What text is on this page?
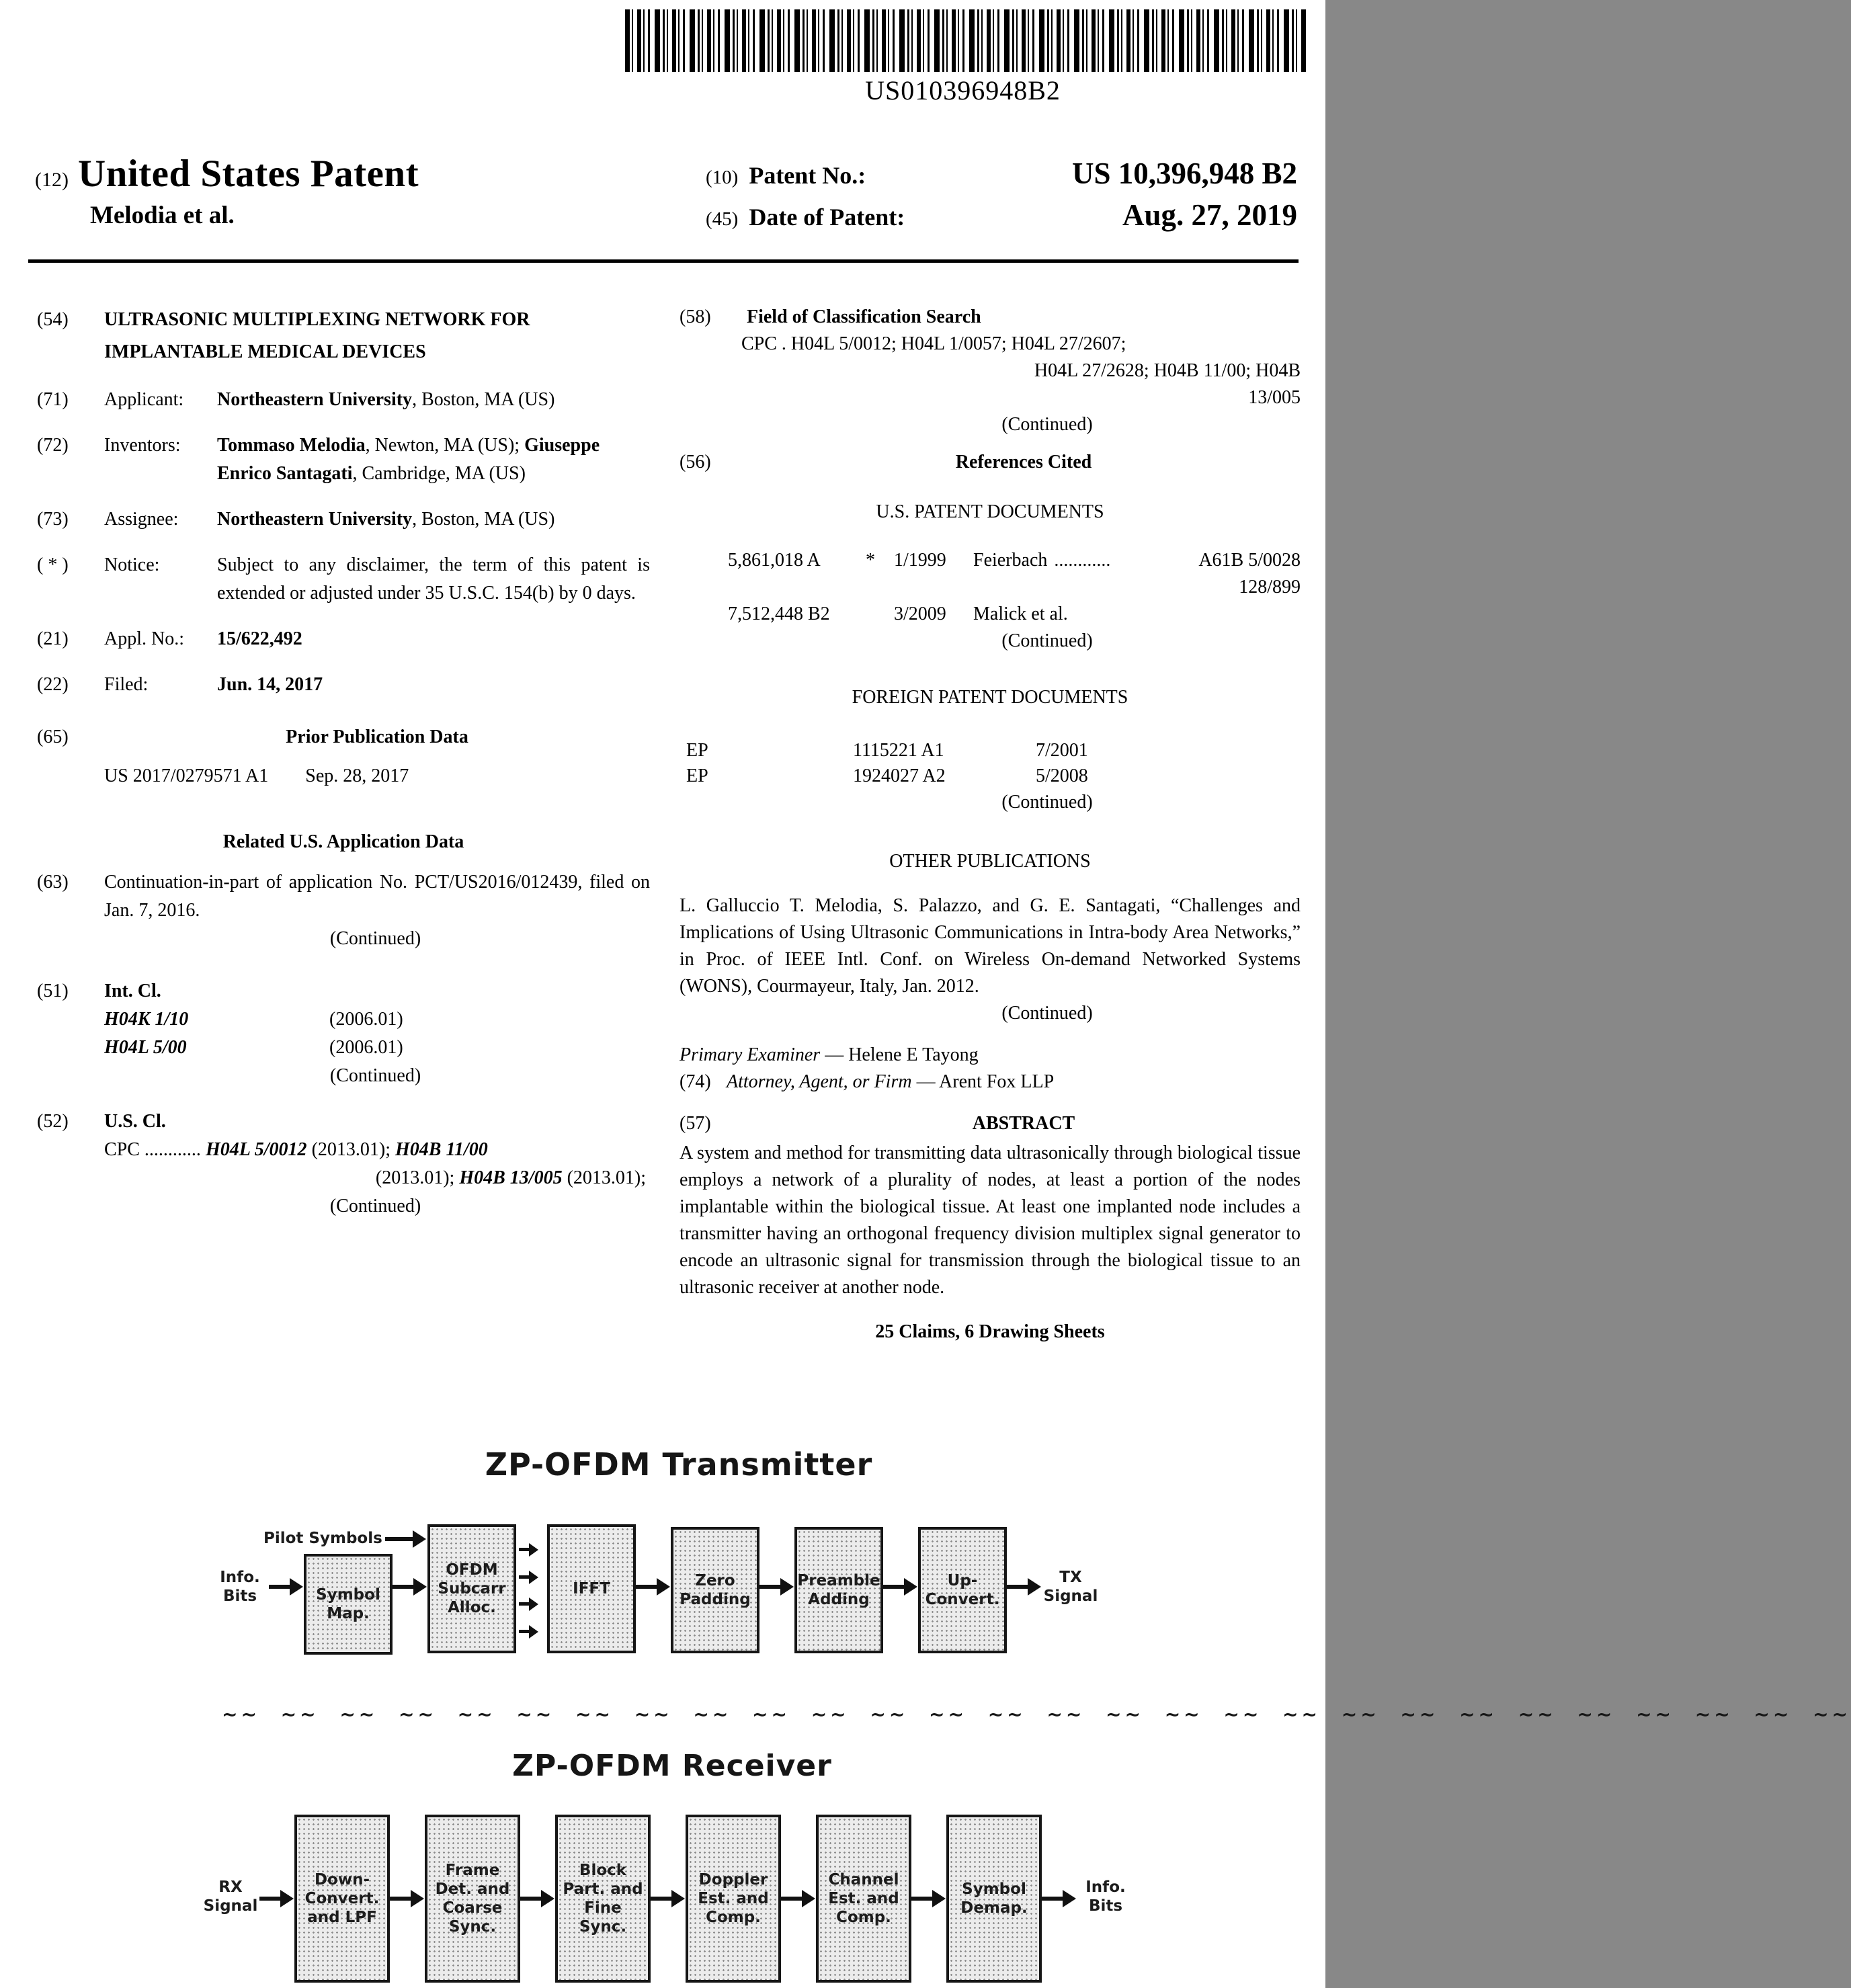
US010396948B2
(12) United States Patent
Melodia et al.
(10) Patent No.:	US 10,396,948 B2
(45) Date of Patent:	Aug. 27, 2019
(54)	ULTRASONIC MULTIPLEXING NETWORK FOR IMPLANTABLE MEDICAL DEVICES
(71)	Applicant:	Northeastern University, Boston, MA (US)
(72)	Inventors:	Tommaso Melodia, Newton, MA (US); Giuseppe Enrico Santagati, Cambridge, MA (US)
(73)	Assignee:	Northeastern University, Boston, MA (US)
( * )	Notice:	Subject to any disclaimer, the term of this patent is extended or adjusted under 35 U.S.C. 154(b) by 0 days.
(21)	Appl. No.:	15/622,492
(22)	Filed:	Jun. 14, 2017
(65)	Prior Publication Data
US 2017/0279571 A1 Sep. 28, 2017
Related U.S. Application Data
(63)	Continuation-in-part of application No. PCT/US2016/012439, filed on Jan. 7, 2016.
(Continued)
(51)	Int. Cl.
H04K 1/10	(2006.01)
H04L 5/00	(2006.01)
(Continued)
(52)	U.S. Cl.
CPC ............ H04L 5/0012 (2013.01); H04B 11/00
(2013.01); H04B 13/005 (2013.01);
(Continued)
(58)	Field of Classification Search
CPC . H04L 5/0012; H04L 1/0057; H04L 27/2607;
H04L 27/2628; H04B 11/00; H04B
13/005
(Continued)
(56)	References Cited
U.S. PATENT DOCUMENTS
5,861,018 A	*	1/1999	Feierbach ............	A61B 5/0028
128/899
7,512,448 B2	3/2009	Malick et al.
(Continued)
FOREIGN PATENT DOCUMENTS
EP	1115221 A1	7/2001
EP	1924027 A2	5/2008
(Continued)
OTHER PUBLICATIONS
L. Galluccio T. Melodia, S. Palazzo, and G. E. Santagati, “Challenges and Implications of Using Ultrasonic Communications in Intra-body Area Networks,” in Proc. of IEEE Intl. Conf. on Wireless On-demand Networked Systems (WONS), Courmayeur, Italy, Jan. 2012.
(Continued)
Primary Examiner — Helene E Tayong
(74) Attorney, Agent, or Firm — Arent Fox LLP
(57)	ABSTRACT
A system and method for transmitting data ultrasonically through biological tissue employs a network of a plurality of nodes, at least a portion of the nodes implantable within the biological tissue. At least one implanted node includes a transmitter having an orthogonal frequency division multiplex signal generator to encode an ultrasonic signal for transmission through the biological tissue to an ultrasonic receiver at another node.
25 Claims, 6 Drawing Sheets
ZP-OFDM Transmitter
Pilot Symbols
Info. Bits	Symbol Map.
OFDM Subcarr Alloc.
IFFT	Zero Padding
Preamble Adding
Up-Convert.
TX Signal
~~ ~~ ~~ ~~ ~~ ~~ ~~ ~~ ~~ ~~ ~~ ~~ ~~ ~~ ~~ ~~ ~~ ~~ ~~ ~~ ~~ ~~ ~~ ~~ ~~ ~~ ~~ ~~
ZP-OFDM Receiver
RX Signal
Down-Convert. and LPF
Frame Det. and Coarse Sync.
Block Part. and Fine Sync.
Doppler Est. and Comp.
Channel Est. and Comp.
Symbol Demap.
Info. Bits
